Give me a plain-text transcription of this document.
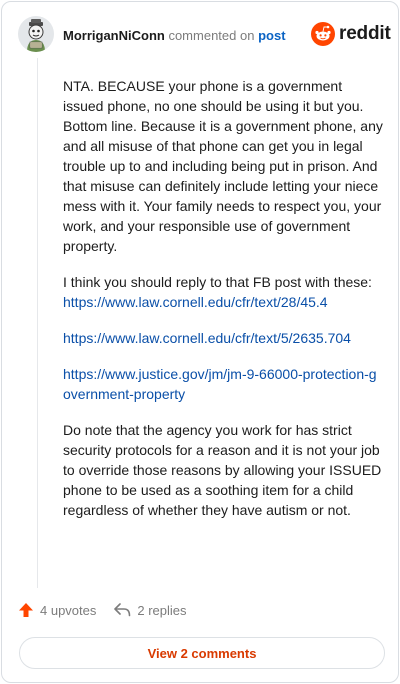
MorriganNiConn commented on post	reddit

NTA. BECAUSE your phone is a government issued phone, no one should be using it but you. Bottom line. Because it is a government phone, any and all misuse of that phone can get you in legal trouble up to and including being put in prison. And that misuse can definitely include letting your niece mess with it. Your family needs to respect you, your work, and your responsible use of government property.

I think you should reply to that FB post with these:
https://www.law.cornell.edu/cfr/text/28/45.4

https://www.law.cornell.edu/cfr/text/5/2635.704

https://www.justice.gov/jm/jm-9-66000-protection-government-property

Do note that the agency you work for has strict security protocols for a reason and it is not your job to override those reasons by allowing your ISSUED phone to be used as a soothing item for a child regardless of whether they have autism or not.

4 upvotes	2 replies
View 2 comments
